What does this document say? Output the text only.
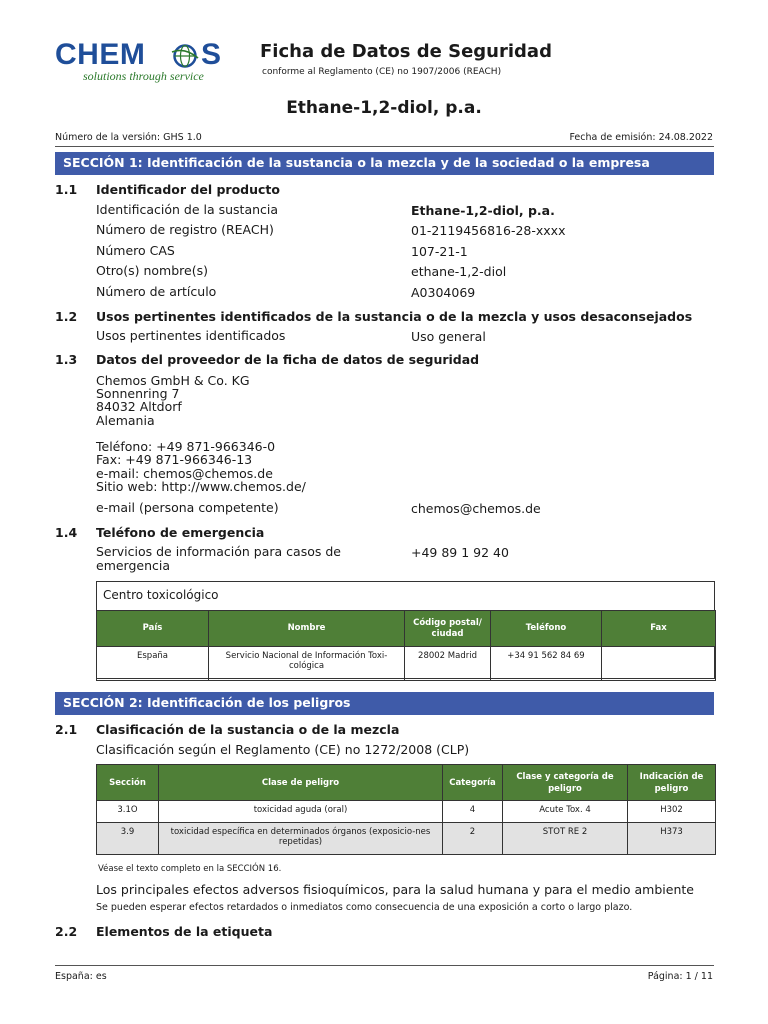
CHEM S
solutions through service
Ficha de Datos de Seguridad
conforme al Reglamento (CE) no 1907/2006 (REACH)
Ethane-1,2-diol, p.a.
Número de la versión: GHS 1.0	Fecha de emisión: 24.08.2022
SECCIÓN 1: Identificación de la sustancia o la mezcla y de la sociedad o la empresa
1.1 Identificador del producto
Identificación de la sustancia	Ethane-1,2-diol, p.a.
Número de registro (REACH)	01-2119456816-28-xxxx
Número CAS	107-21-1
Otro(s) nombre(s)	ethane-1,2-diol
Número de artículo	A0304069
1.2 Usos pertinentes identificados de la sustancia o de la mezcla y usos desaconsejados
Usos pertinentes identificados	Uso general
1.3 Datos del proveedor de la ficha de datos de seguridad
Chemos GmbH & Co. KG
Sonnenring 7
84032 Altdorf
Alemania
Teléfono: +49 871-966346-0
Fax: +49 871-966346-13
e-mail: chemos@chemos.de
Sitio web: http://www.chemos.de/
e-mail (persona competente)	chemos@chemos.de
1.4 Teléfono de emergencia
Servicios de información para casos de emergencia
+49 89 1 92 40
Centro toxicológico
País	Nombre	Código postal/ ciudad	Teléfono	Fax
España	Servicio Nacional de Información Toxi-cológica	28002 Madrid	+34 91 562 84 69	
SECCIÓN 2: Identificación de los peligros
2.1 Clasificación de la sustancia o de la mezcla
Clasificación según el Reglamento (CE) no 1272/2008 (CLP)
Sección	Clase de peligro	Categoría	Clase y categoría de peligro	Indicación de peligro
3.1O	toxicidad aguda (oral)	4	Acute Tox. 4	H302
3.9	toxicidad específica en determinados órganos (exposicio-nes repetidas)	2	STOT RE 2	H373
Véase el texto completo en la SECCIÓN 16.
Los principales efectos adversos fisioquímicos, para la salud humana y para el medio ambiente
Se pueden esperar efectos retardados o inmediatos como consecuencia de una exposición a corto o largo plazo.
2.2 Elementos de la etiqueta
España: es	Página: 1 / 11
